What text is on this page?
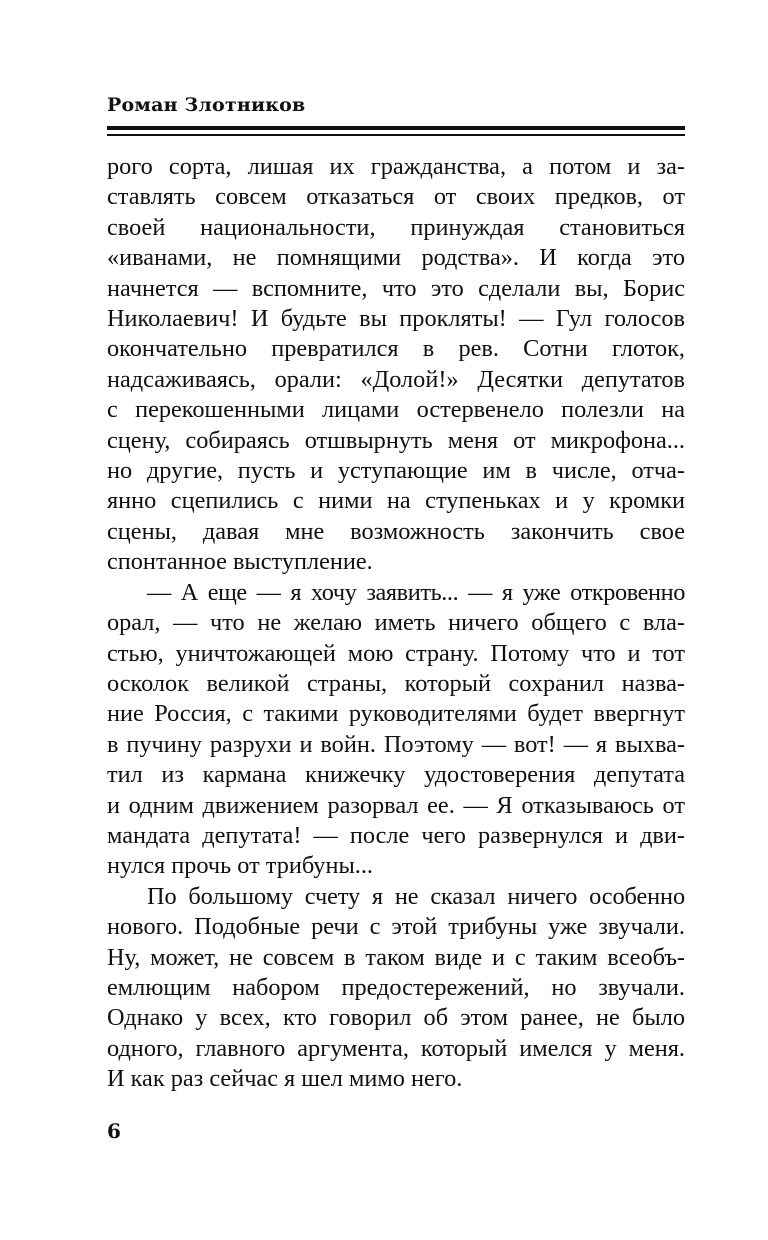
Роман Злотников

рого сорта, лишая их гражданства, а потом и за-
ставлять совсем отказаться от своих предков, от
своей национальности, принуждая становиться
«иванами, не помнящими родства». И когда это
начнется — вспомните, что это сделали вы, Борис
Николаевич! И будьте вы прокляты! — Гул голосов
окончательно превратился в рев. Сотни глоток,
надсаживаясь, орали: «Долой!» Десятки депутатов
с перекошенными лицами остервенело полезли на
сцену, собираясь отшвырнуть меня от микрофона...
но другие, пусть и уступающие им в числе, отча-
янно сцепились с ними на ступеньках и у кромки
сцены, давая мне возможность закончить свое
спонтанное выступление.

— А еще — я хочу заявить... — я уже откровенно
орал, — что не желаю иметь ничего общего с вла-
стью, уничтожающей мою страну. Потому что и тот
осколок великой страны, который сохранил назва-
ние Россия, с такими руководителями будет ввергнут
в пучину разрухи и войн. Поэтому — вот! — я выхва-
тил из кармана книжечку удостоверения депутата
и одним движением разорвал ее. — Я отказываюсь от
мандата депутата! — после чего развернулся и дви-
нулся прочь от трибуны...

По большому счету я не сказал ничего особенно
нового. Подобные речи с этой трибуны уже звучали.
Ну, может, не совсем в таком виде и с таким всеобъ-
емлющим набором предостережений, но звучали.
Однако у всех, кто говорил об этом ранее, не было
одного, главного аргумента, который имелся у меня.
И как раз сейчас я шел мимо него.

6
